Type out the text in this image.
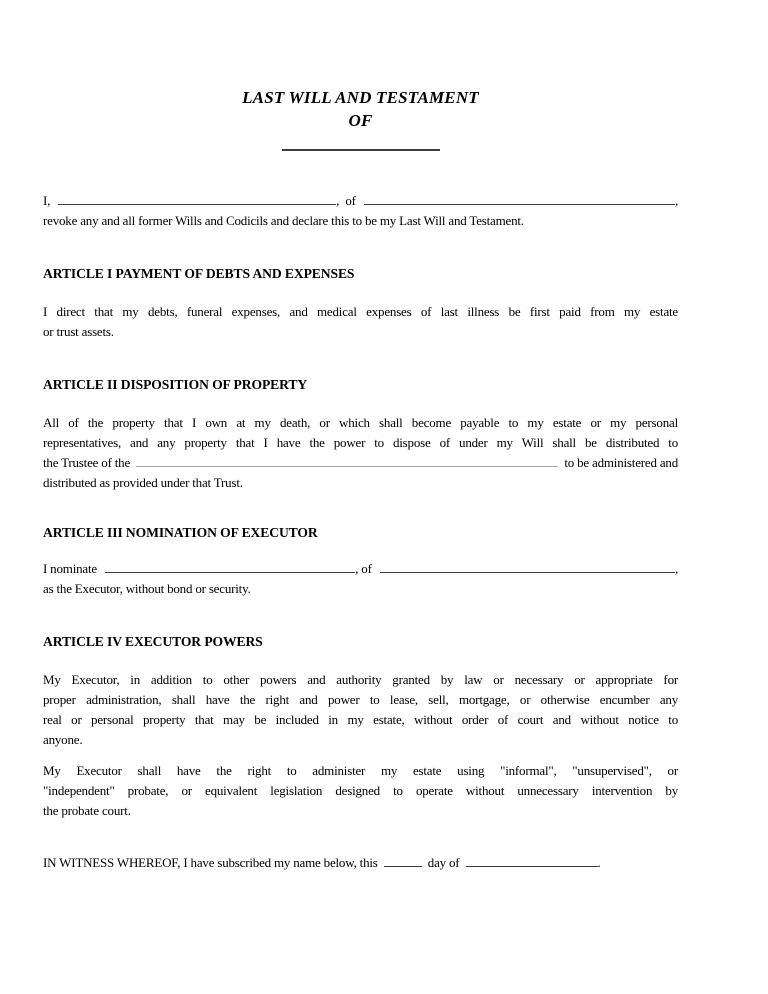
LAST WILL AND TESTAMENT
OF
I,	,  of	,
revoke any and all former Wills and Codicils and declare this to be my Last Will and Testament.
ARTICLE I PAYMENT OF DEBTS AND EXPENSES
I direct that my debts, funeral expenses, and medical expenses of last illness be first paid from my estate
or trust assets.
ARTICLE II DISPOSITION OF PROPERTY
All of the property that I own at my death, or which shall become payable to my estate or my personal
representatives, and any property that I have the power to dispose of under my Will shall be distributed to
the Trustee of the	to be administered and
distributed as provided under that Trust.
ARTICLE III NOMINATION OF EXECUTOR
I nominate	, of	,
as the Executor, without bond or security.
ARTICLE IV EXECUTOR POWERS
My Executor, in addition to other powers and authority granted by law or necessary or appropriate for
proper administration, shall have the right and power to lease, sell, mortgage, or otherwise encumber any
real or personal property that may be included in my estate, without order of court and without notice to
anyone.
My Executor shall have the right to administer my estate using "informal", "unsupervised", or
"independent" probate, or equivalent legislation designed to operate without unnecessary intervention by
the probate court.
IN WITNESS WHEREOF, I have subscribed my name below, this	day of	.
